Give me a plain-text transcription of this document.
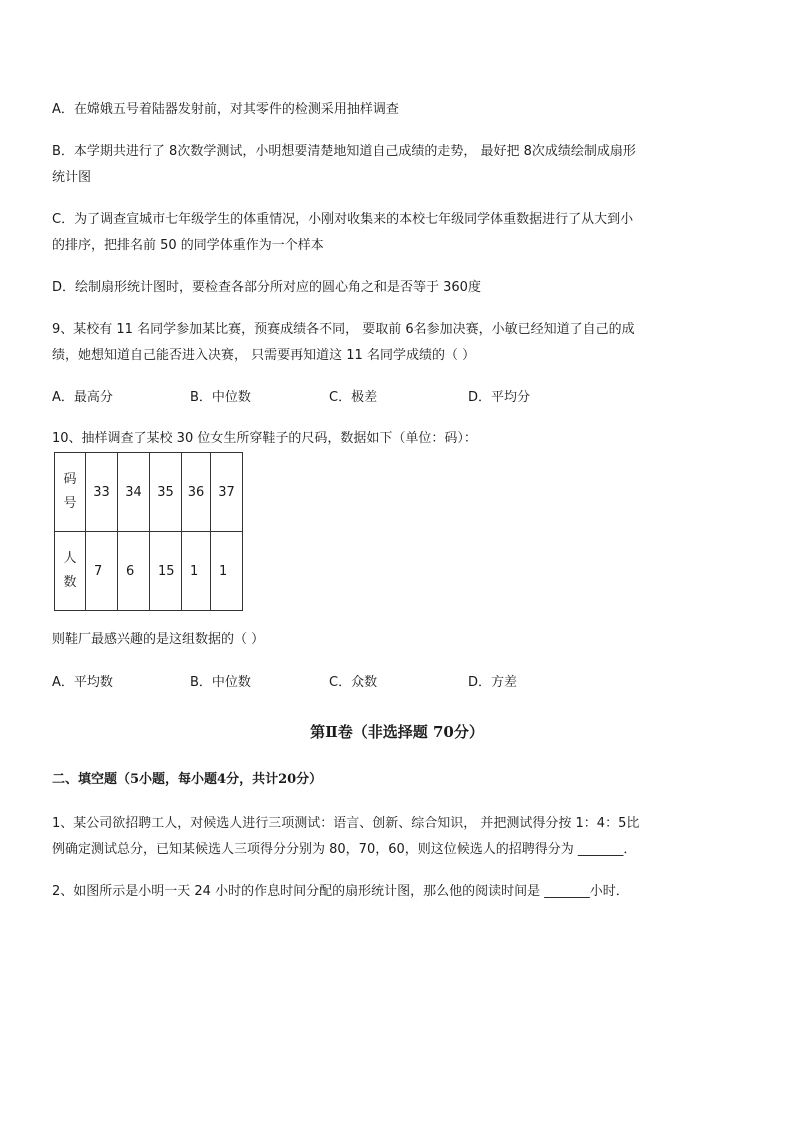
A．在嫦娥五号着陆器发射前，对其零件的检测采用抽样调查
B．本学期共进行了 8次数学测试，小明想要清楚地知道自己成绩的走势， 最好把 8次成绩绘制成扇形
统计图
C．为了调查宣城市七年级学生的体重情况，小刚对收集来的本校七年级同学体重数据进行了从大到小
的排序，把排名前 50 的同学体重作为一个样本
D．绘制扇形统计图时，要检查各部分所对应的圆心角之和是否等于 360度
9、某校有 11 名同学参加某比赛，预赛成绩各不同， 要取前 6名参加决赛，小敏已经知道了自己的成
绩，她想知道自己能否进入决赛， 只需要再知道这 11 名同学成绩的（ ）
A．最高分	B．中位数	C．极差	D．平均分
10、抽样调查了某校 30 位女生所穿鞋子的尺码，数据如下（单位：码）：
码
号	33	34	35	36	37

人
数	7	6	15	1	1
则鞋厂最感兴趣的是这组数据的（ ）
A．平均数	B．中位数	C．众数	D．方差
第Ⅱ卷（非选择题 70分）
二、填空题（5小题，每小题4分，共计20分）
1、某公司欲招聘工人，对候选人进行三项测试：语言、创新、综合知识， 并把测试得分按 1：4：5比
例确定测试总分，已知某候选人三项得分分别为 80，70，60，则这位候选人的招聘得分为 _______．
2、如图所示是小明一天 24 小时的作息时间分配的扇形统计图，那么他的阅读时间是 _______小时．
